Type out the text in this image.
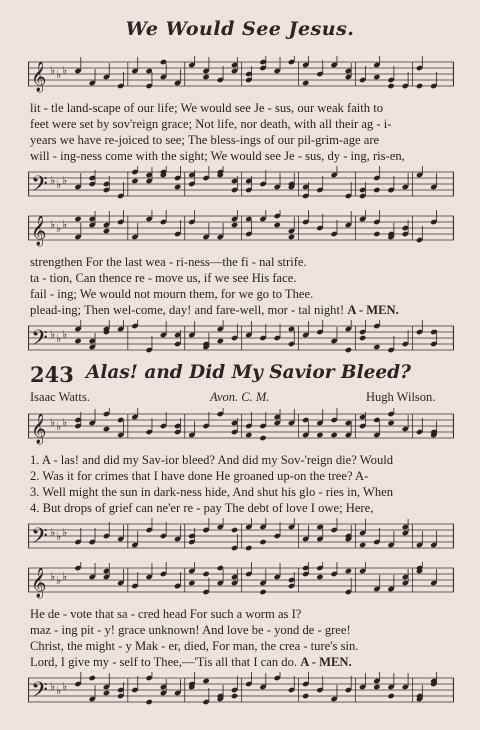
We Would See Jesus.
𝄞 ♭ ♭ ♭
lit - tle land-scape of our life; We would see Je - sus, our weak faith to
feet were set by sov'reign grace; Not life, nor death, with all their ag - i-
years we have re-joiced to see; The bless-ings of our pil-grim-age are
will - ing-ness come with the sight; We would see Je - sus, dy - ing, ris-en,
𝄢 ♭ ♭ ♭
𝄞 ♭ ♭ ♭
strengthen For the last wea - ri-ness—the fi - nal strife.
ta - tion, Can thence re - move us, if we see His face.
fail - ing; We would not mourn them, for we go to Thee.
plead-ing; Then wel-come, day! and fare-well, mor - tal night! A - MEN.
𝄢 ♭ ♭ ♭
243 Alas! and Did My Savior Bleed?
Isaac Watts.	Avon. C. M.	Hugh Wilson.
𝄞 ♭ ♭ ♭
1. A - las! and did my Sav-ior bleed? And did my Sov-'reign die? Would
2. Was it for crimes that I have done He groaned up-on the tree? A-
3. Well might the sun in dark-ness hide, And shut his glo - ries in, When
4. But drops of grief can ne'er re - pay The debt of love I owe; Here,
𝄢 ♭ ♭ ♭
𝄞 ♭ ♭ ♭
He de - vote that sa - cred head For such a worm as I?
maz - ing pit - y! grace unknown! And love be - yond de - gree!
Christ, the might - y Mak - er, died, For man, the crea - ture's sin.
Lord, I give my - self to Thee,—'Tis all that I can do. A - MEN.
𝄢 ♭ ♭ ♭
